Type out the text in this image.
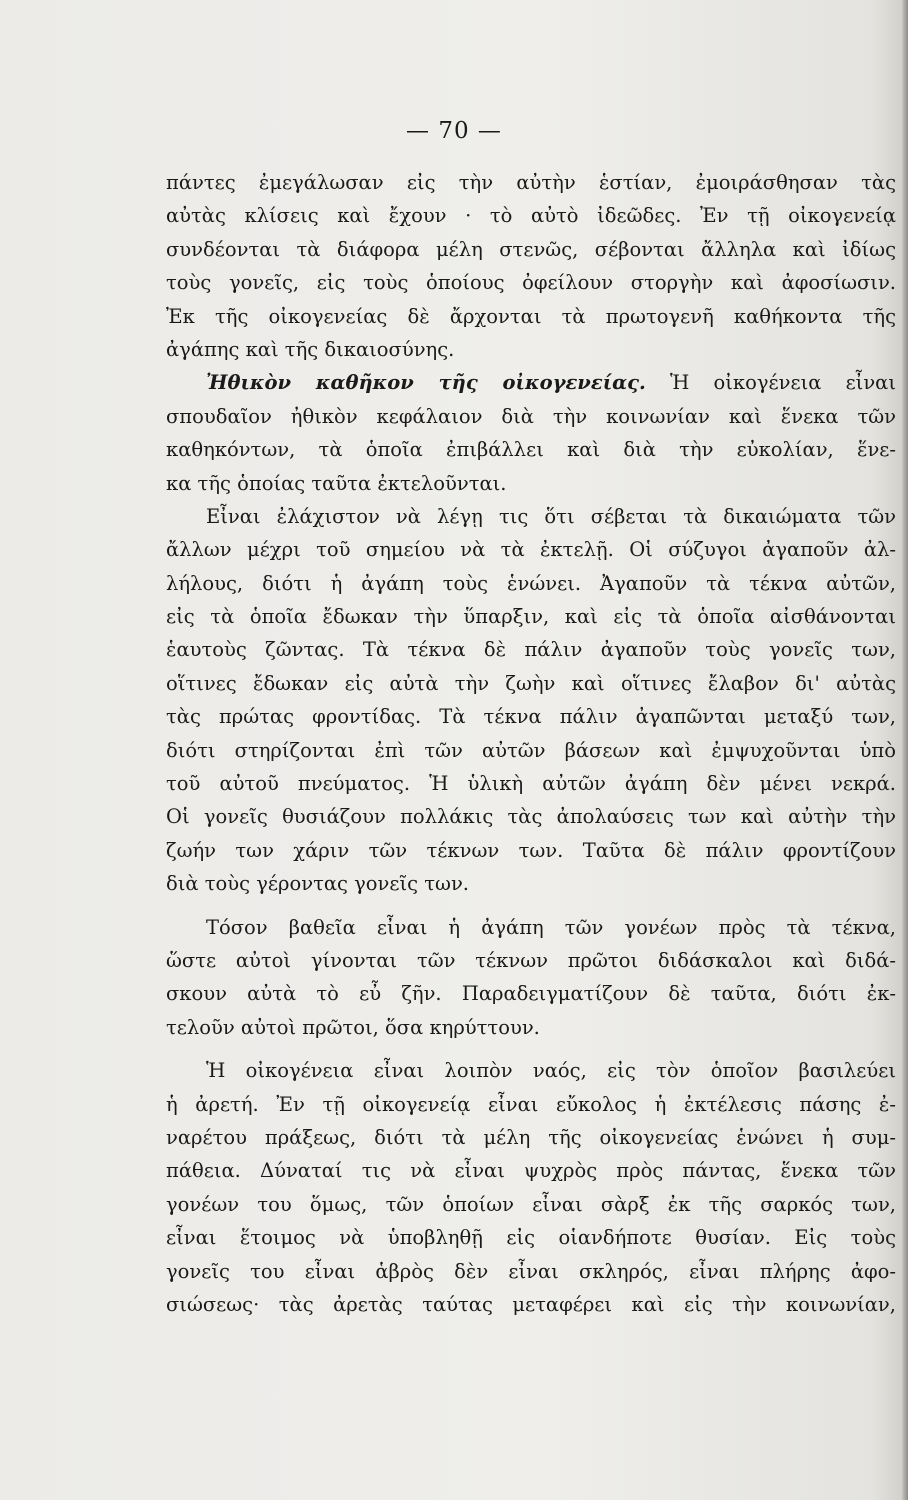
— 70 —
πάντες ἐμεγάλωσαν εἰς τὴν αὐτὴν ἑστίαν, ἐμοιράσθησαν τὰς
αὐτὰς κλίσεις καὶ ἔχουν · τὸ αὐτὸ ἰδεῶδες. Ἐν τῇ οἰκογενείᾳ
συνδέονται τὰ διάφορα μέλη στενῶς, σέβονται ἄλληλα καὶ ἰδίως
τοὺς γονεῖς, εἰς τοὺς ὁποίους ὀφείλουν στοργὴν καὶ ἀφοσίωσιν.
Ἐκ τῆς οἰκογενείας δὲ ἄρχονται τὰ πρωτογενῆ καθήκοντα τῆς
ἀγάπης καὶ τῆς δικαιοσύνης.
Ἠθικὸν καθῆκον τῆς οἰκογενείας. Ἡ οἰκογένεια εἶναι
σπουδαῖον ἠθικὸν κεφάλαιον διὰ τὴν κοινωνίαν καὶ ἕνεκα τῶν
καθηκόντων, τὰ ὁποῖα ἐπιβάλλει καὶ διὰ τὴν εὐκολίαν, ἕνε-
κα τῆς ὁποίας ταῦτα ἐκτελοῦνται.
Εἶναι ἐλάχιστον νὰ λέγῃ τις ὅτι σέβεται τὰ δικαιώματα τῶν
ἄλλων μέχρι τοῦ σημείου νὰ τὰ ἐκτελῇ. Οἱ σύζυγοι ἀγαποῦν ἀλ-
λήλους, διότι ἡ ἀγάπη τοὺς ἑνώνει. Ἀγαποῦν τὰ τέκνα αὐτῶν,
εἰς τὰ ὁποῖα ἔδωκαν τὴν ὕπαρξιν, καὶ εἰς τὰ ὁποῖα αἰσθάνονται
ἑαυτοὺς ζῶντας. Τὰ τέκνα δὲ πάλιν ἀγαποῦν τοὺς γονεῖς των,
οἵτινες ἔδωκαν εἰς αὐτὰ τὴν ζωὴν καὶ οἵτινες ἔλαβον δι' αὐτὰς
τὰς πρώτας φροντίδας. Τὰ τέκνα πάλιν ἀγαπῶνται μεταξύ των,
διότι στηρίζονται ἐπὶ τῶν αὐτῶν βάσεων καὶ ἐμψυχοῦνται ὑπὸ
τοῦ αὐτοῦ πνεύματος. Ἡ ὑλικὴ αὐτῶν ἀγάπη δὲν μένει νεκρά.
Οἱ γονεῖς θυσιάζουν πολλάκις τὰς ἀπολαύσεις των καὶ αὐτὴν τὴν
ζωήν των χάριν τῶν τέκνων των. Ταῦτα δὲ πάλιν φροντίζουν
διὰ τοὺς γέροντας γονεῖς των.
Τόσον βαθεῖα εἶναι ἡ ἀγάπη τῶν γονέων πρὸς τὰ τέκνα,
ὥστε αὐτοὶ γίνονται τῶν τέκνων πρῶτοι διδάσκαλοι καὶ διδά-
σκουν αὐτὰ τὸ εὖ ζῆν. Παραδειγματίζουν δὲ ταῦτα, διότι ἐκ-
τελοῦν αὐτοὶ πρῶτοι, ὅσα κηρύττουν.
Ἡ οἰκογένεια εἶναι λοιπὸν ναός, εἰς τὸν ὁποῖον βασιλεύει
ἡ ἀρετή. Ἐν τῇ οἰκογενείᾳ εἶναι εὔκολος ἡ ἐκτέλεσις πάσης ἐ-
ναρέτου πράξεως, διότι τὰ μέλη τῆς οἰκογενείας ἑνώνει ἡ συμ-
πάθεια. Δύναταί τις νὰ εἶναι ψυχρὸς πρὸς πάντας, ἕνεκα τῶν
γονέων του ὅμως, τῶν ὁποίων εἶναι σὰρξ ἐκ τῆς σαρκός των,
εἶναι ἕτοιμος νὰ ὑποβληθῇ εἰς οἱανδήποτε θυσίαν. Εἰς τοὺς
γονεῖς του εἶναι ἁβρὸς δὲν εἶναι σκληρός, εἶναι πλήρης ἀφο-
σιώσεως· τὰς ἀρετὰς ταύτας μεταφέρει καὶ εἰς τὴν κοινωνίαν,
